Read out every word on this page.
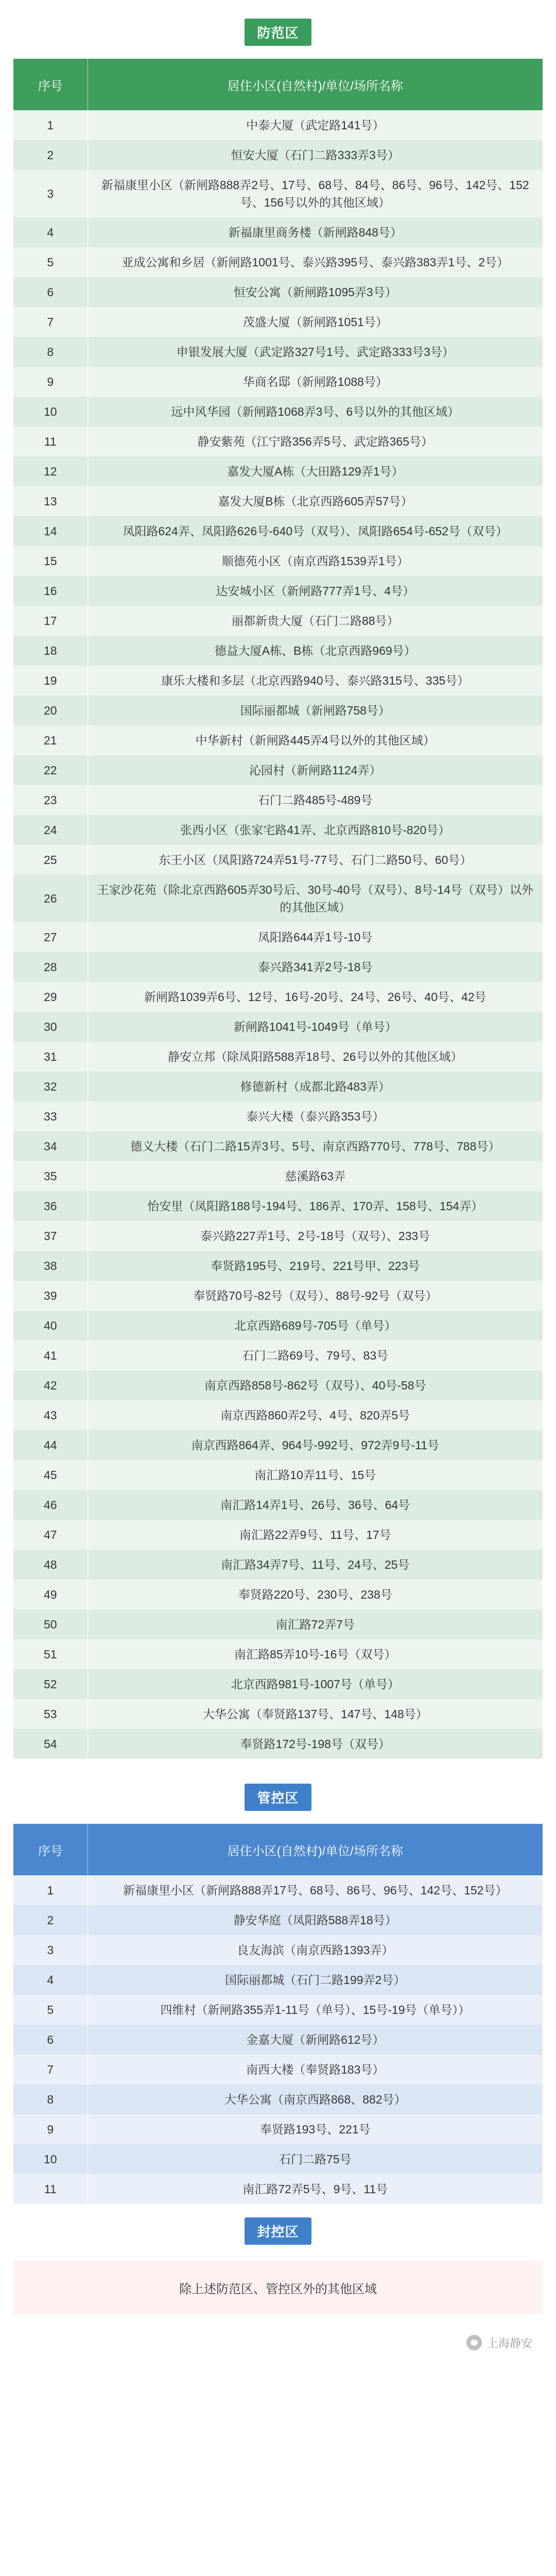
防范区
序号	居住小区(自然村)/单位/场所名称
1	中泰大厦（武定路141号）
2	恒安大厦（石门二路333弄3号）
3	新福康里小区（新闸路888弄2号、17号、68号、84号、86号、96号、142号、152号、156号以外的其他区域）
4	新福康里商务楼（新闸路848号）
5	亚成公寓和乡居（新闸路1001号、泰兴路395号、泰兴路383弄1号、2号）
6	恒安公寓（新闸路1095弄3号）
7	茂盛大厦（新闸路1051号）
8	申银发展大厦（武定路327号1号、武定路333号3号）
9	华商名邸（新闸路1088号）
10	远中风华园（新闸路1068弄3号、6号以外的其他区域）
11	静安紫苑（江宁路356弄5号、武定路365号）
12	嘉发大厦A栋（大田路129弄1号）
13	嘉发大厦B栋（北京西路605弄57号）
14	凤阳路624弄、凤阳路626号-640号（双号）、凤阳路654号-652号（双号）
15	顺德苑小区（南京西路1539弄1号）
16	达安城小区（新闸路777弄1号、4号）
17	丽都新贵大厦（石门二路88号）
18	德益大厦A栋、B栋（北京西路969号）
19	康乐大楼和多层（北京西路940号、泰兴路315号、335号）
20	国际丽都城（新闸路758号）
21	中华新村（新闸路445弄4号以外的其他区域）
22	沁园村（新闸路1124弄）
23	石门二路485号-489号
24	张西小区（张家宅路41弄、北京西路810号-820号）
25	东王小区（凤阳路724弄51号-77号、石门二路50号、60号）
26	王家沙花苑（除北京西路605弄30号后、30号-40号（双号）、8号-14号（双号）以外的其他区域）
27	凤阳路644弄1号-10号
28	泰兴路341弄2号-18号
29	新闸路1039弄6号、12号、16号-20号、24号、26号、40号、42号
30	新闸路1041号-1049号（单号）
31	静安立邦（除凤阳路588弄18号、26号以外的其他区域）
32	修德新村（成都北路483弄）
33	泰兴大楼（泰兴路353号）
34	德义大楼（石门二路15弄3号、5号、南京西路770号、778号、788号）
35	慈溪路63弄
36	怡安里（凤阳路188号-194号、186弄、170弄、158号、154弄）
37	泰兴路227弄1号、2号-18号（双号）、233号
38	奉贤路195号、219号、221号甲、223号
39	奉贤路70号-82号（双号）、88号-92号（双号）
40	北京西路689号-705号（单号）
41	石门二路69号、79号、83号
42	南京西路858号-862号（双号）、40号-58号
43	南京西路860弄2号、4号、820弄5号
44	南京西路864弄、964号-992号、972弄9号-11号
45	南汇路10弄11号、15号
46	南汇路14弄1号、26号、36号、64号
47	南汇路22弄9号、11号、17号
48	南汇路34弄7号、11号、24号、25号
49	奉贤路220号、230号、238号
50	南汇路72弄7号
51	南汇路85弄10号-16号（双号）
52	北京西路981号-1007号（单号）
53	大华公寓（奉贤路137号、147号、148号）
54	奉贤路172号-198号（双号）
管控区
序号	居住小区(自然村)/单位/场所名称
1	新福康里小区（新闸路888弄17号、68号、86号、96号、142号、152号）
2	静安华庭（凤阳路588弄18号）
3	良友海滨（南京西路1393弄）
4	国际丽都城（石门二路199弄2号）
5	四维村（新闸路355弄1-11号（单号）、15号-19号（单号））
6	金嘉大厦（新闸路612号）
7	南西大楼（奉贤路183号）
8	大华公寓（南京西路868、882号）
9	奉贤路193号、221号
10	石门二路75号
11	南汇路72弄5号、9号、11号
封控区
除上述防范区、管控区外的其他区域
上海静安
